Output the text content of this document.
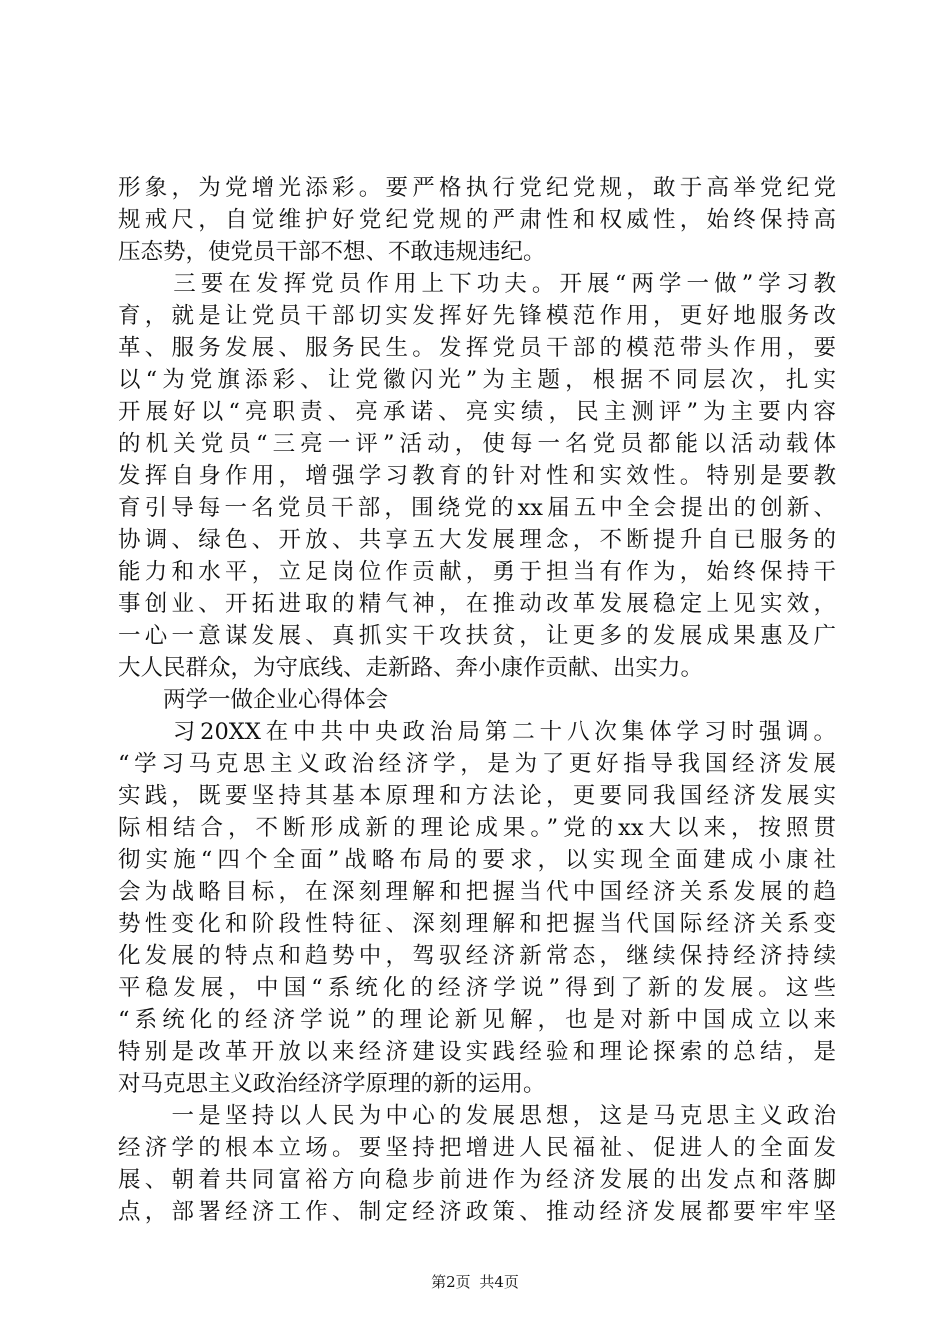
形象，为党增光添彩。要严格执行党纪党规，敢于高举党纪党
规戒尺，自觉维护好党纪党规的严肃性和权威性，始终保持高
压态势，使党员干部不想、不敢违规违纪。
　　三要在发挥党员作用上下功夫。开展“两学一做”学习教
育，就是让党员干部切实发挥好先锋模范作用，更好地服务改
革、服务发展、服务民生。发挥党员干部的模范带头作用，要
以“为党旗添彩、让党徽闪光”为主题，根据不同层次，扎实
开展好以“亮职责、亮承诺、亮实绩，民主测评”为主要内容
的机关党员“三亮一评”活动，使每一名党员都能以活动载体
发挥自身作用，增强学习教育的针对性和实效性。特别是要教
育引导每一名党员干部，围绕党的xx届五中全会提出的创新、
协调、绿色、开放、共享五大发展理念，不断提升自已服务的
能力和水平，立足岗位作贡献，勇于担当有作为，始终保持干
事创业、开拓进取的精气神，在推动改革发展稳定上见实效，
一心一意谋发展、真抓实干攻扶贫，让更多的发展成果惠及广
大人民群众，为守底线、走新路、奔小康作贡献、出实力。
　　两学一做企业心得体会
　　习20XX在中共中央政治局第二十八次集体学习时强调。
“学习马克思主义政治经济学，是为了更好指导我国经济发展
实践，既要坚持其基本原理和方法论，更要同我国经济发展实
际相结合，不断形成新的理论成果。”党的xx大以来，按照贯
彻实施“四个全面”战略布局的要求，以实现全面建成小康社
会为战略目标，在深刻理解和把握当代中国经济关系发展的趋
势性变化和阶段性特征、深刻理解和把握当代国际经济关系变
化发展的特点和趋势中，驾驭经济新常态，继续保持经济持续
平稳发展，中国“系统化的经济学说”得到了新的发展。这些
“系统化的经济学说”的理论新见解，也是对新中国成立以来
特别是改革开放以来经济建设实践经验和理论探索的总结，是
对马克思主义政治经济学原理的新的运用。
　　一是坚持以人民为中心的发展思想，这是马克思主义政治
经济学的根本立场。要坚持把增进人民福祉、促进人的全面发
展、朝着共同富裕方向稳步前进作为经济发展的出发点和落脚
点，部署经济工作、制定经济政策、推动经济发展都要牢牢坚
第2页 共4页
